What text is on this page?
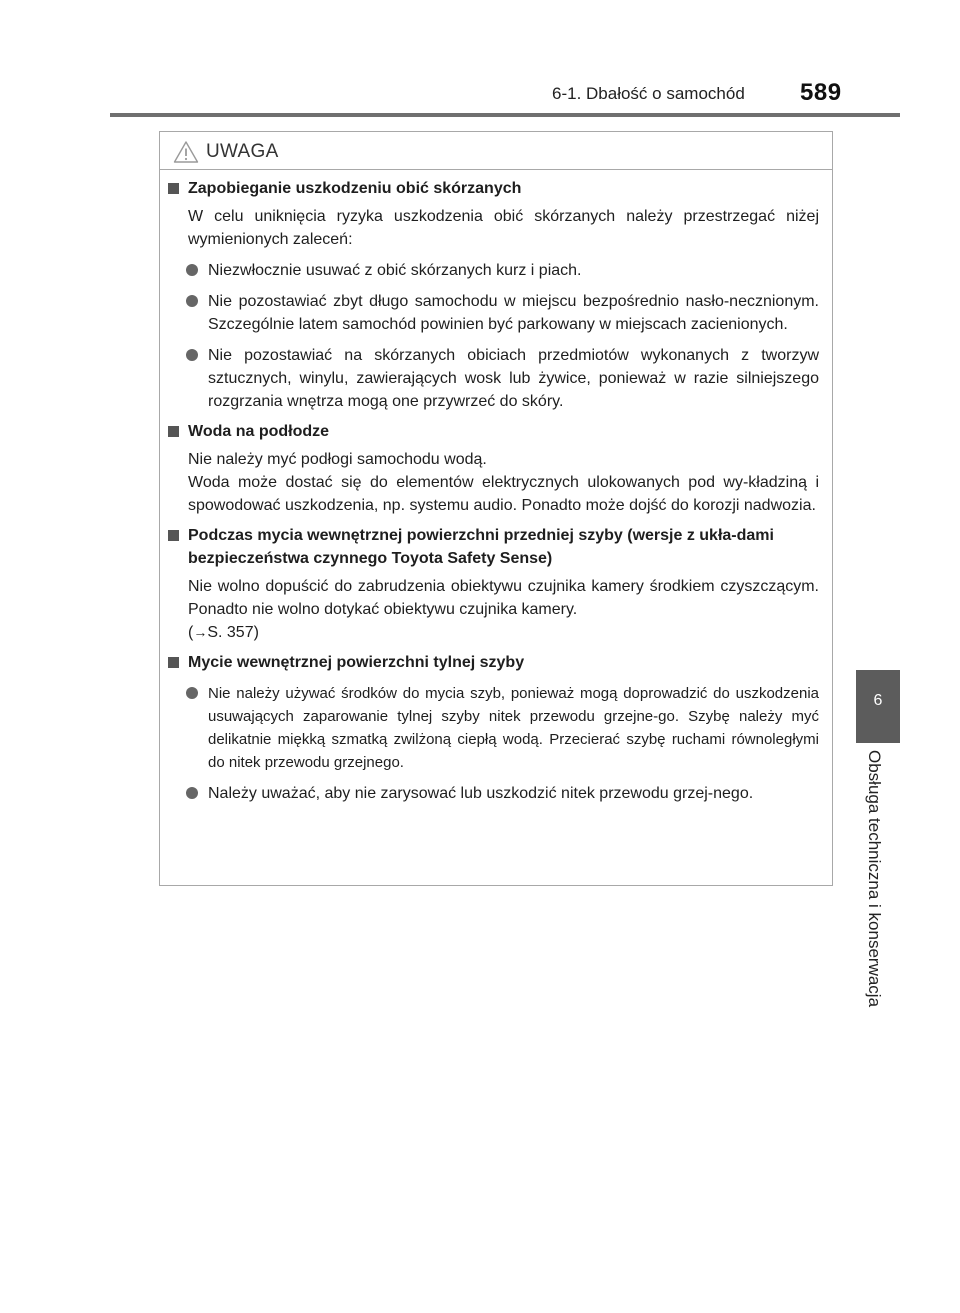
6-1. Dbałość o samochód 589
6
Obsługa techniczna i konserwacja
UWAGA
Zapobieganie uszkodzeniu obić skórzanych
W celu uniknięcia ryzyka uszkodzenia obić skórzanych należy przestrzegać niżej wymienionych zaleceń:
Niezwłocznie usuwać z obić skórzanych kurz i piach.
Nie pozostawiać zbyt długo samochodu w miejscu bezpośrednio nasło-necznionym. Szczególnie latem samochód powinien być parkowany w miejscach zacienionych.
Nie pozostawiać na skórzanych obiciach przedmiotów wykonanych z tworzyw sztucznych, winylu, zawierających wosk lub żywice, ponieważ w razie silniejszego rozgrzania wnętrza mogą one przywrzeć do skóry.
Woda na podłodze
Nie należy myć podłogi samochodu wodą.
Woda może dostać się do elementów elektrycznych ulokowanych pod wy-kładziną i spowodować uszkodzenia, np. systemu audio. Ponadto może dojść do korozji nadwozia.
Podczas mycia wewnętrznej powierzchni przedniej szyby (wersje z ukła-dami bezpieczeństwa czynnego Toyota Safety Sense)
Nie wolno dopuścić do zabrudzenia obiektywu czujnika kamery środkiem czyszczącym. Ponadto nie wolno dotykać obiektywu czujnika kamery.
(→S. 357)
Mycie wewnętrznej powierzchni tylnej szyby
Nie należy używać środków do mycia szyb, ponieważ mogą doprowadzić do uszkodzenia usuwających zaparowanie tylnej szyby nitek przewodu grzejne-go. Szybę należy myć delikatnie miękką szmatką zwilżoną ciepłą wodą. Przecierać szybę ruchami równoległymi do nitek przewodu grzejnego.
Należy uważać, aby nie zarysować lub uszkodzić nitek przewodu grzej-nego.
